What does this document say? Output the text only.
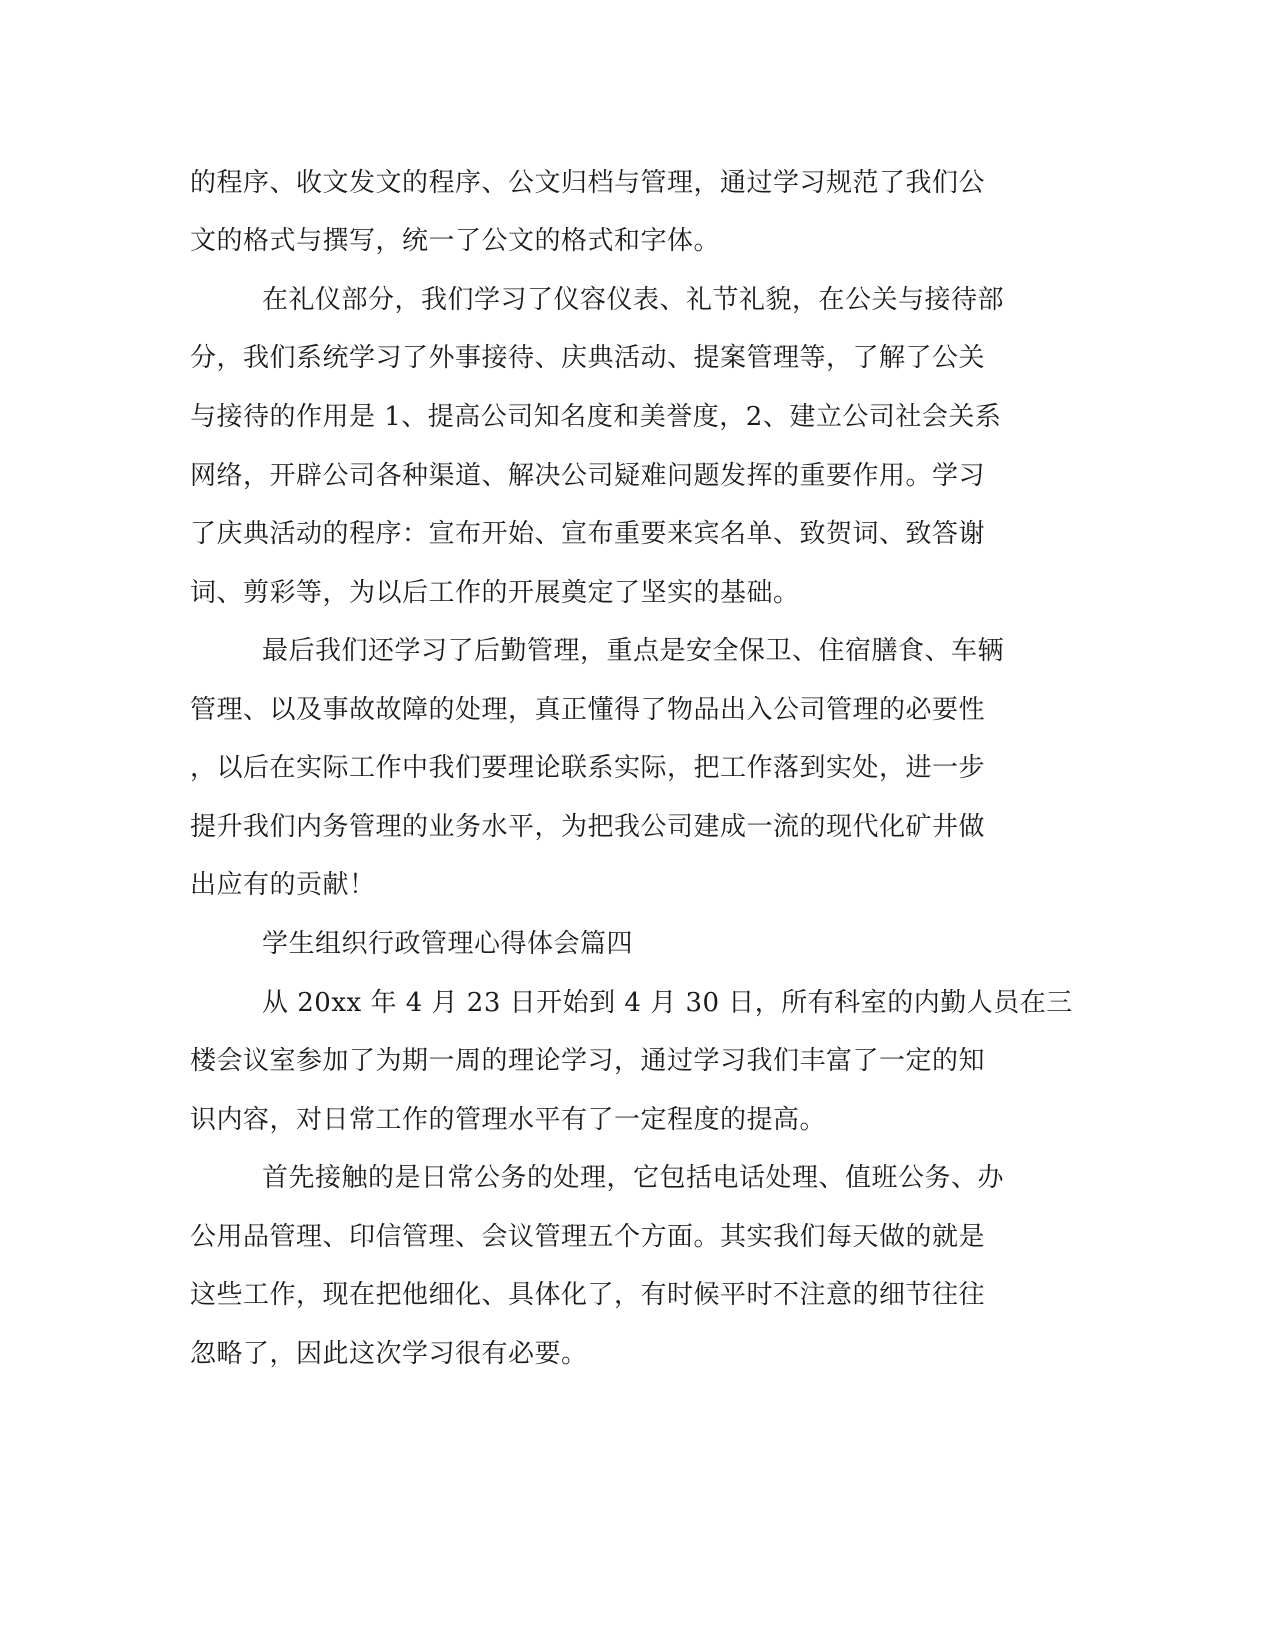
的程序、收文发文的程序、公文归档与管理，通过学习规范了我们公
文的格式与撰写，统一了公文的格式和字体。
在礼仪部分，我们学习了仪容仪表、礼节礼貌，在公关与接待部
分，我们系统学习了外事接待、庆典活动、提案管理等，了解了公关
与接待的作用是 1、提高公司知名度和美誉度，2、建立公司社会关系
网络，开辟公司各种渠道、解决公司疑难问题发挥的重要作用。学习
了庆典活动的程序：宣布开始、宣布重要来宾名单、致贺词、致答谢
词、剪彩等，为以后工作的开展奠定了坚实的基础。
最后我们还学习了后勤管理，重点是安全保卫、住宿膳食、车辆
管理、以及事故故障的处理，真正懂得了物品出入公司管理的必要性
，以后在实际工作中我们要理论联系实际，把工作落到实处，进一步
提升我们内务管理的业务水平，为把我公司建成一流的现代化矿井做
出应有的贡献！
学生组织行政管理心得体会篇四
从 20xx 年 4 月 23 日开始到 4 月 30 日，所有科室的内勤人员在三
楼会议室参加了为期一周的理论学习，通过学习我们丰富了一定的知
识内容，对日常工作的管理水平有了一定程度的提高。
首先接触的是日常公务的处理，它包括电话处理、值班公务、办
公用品管理、印信管理、会议管理五个方面。其实我们每天做的就是
这些工作，现在把他细化、具体化了，有时候平时不注意的细节往往
忽略了，因此这次学习很有必要。
